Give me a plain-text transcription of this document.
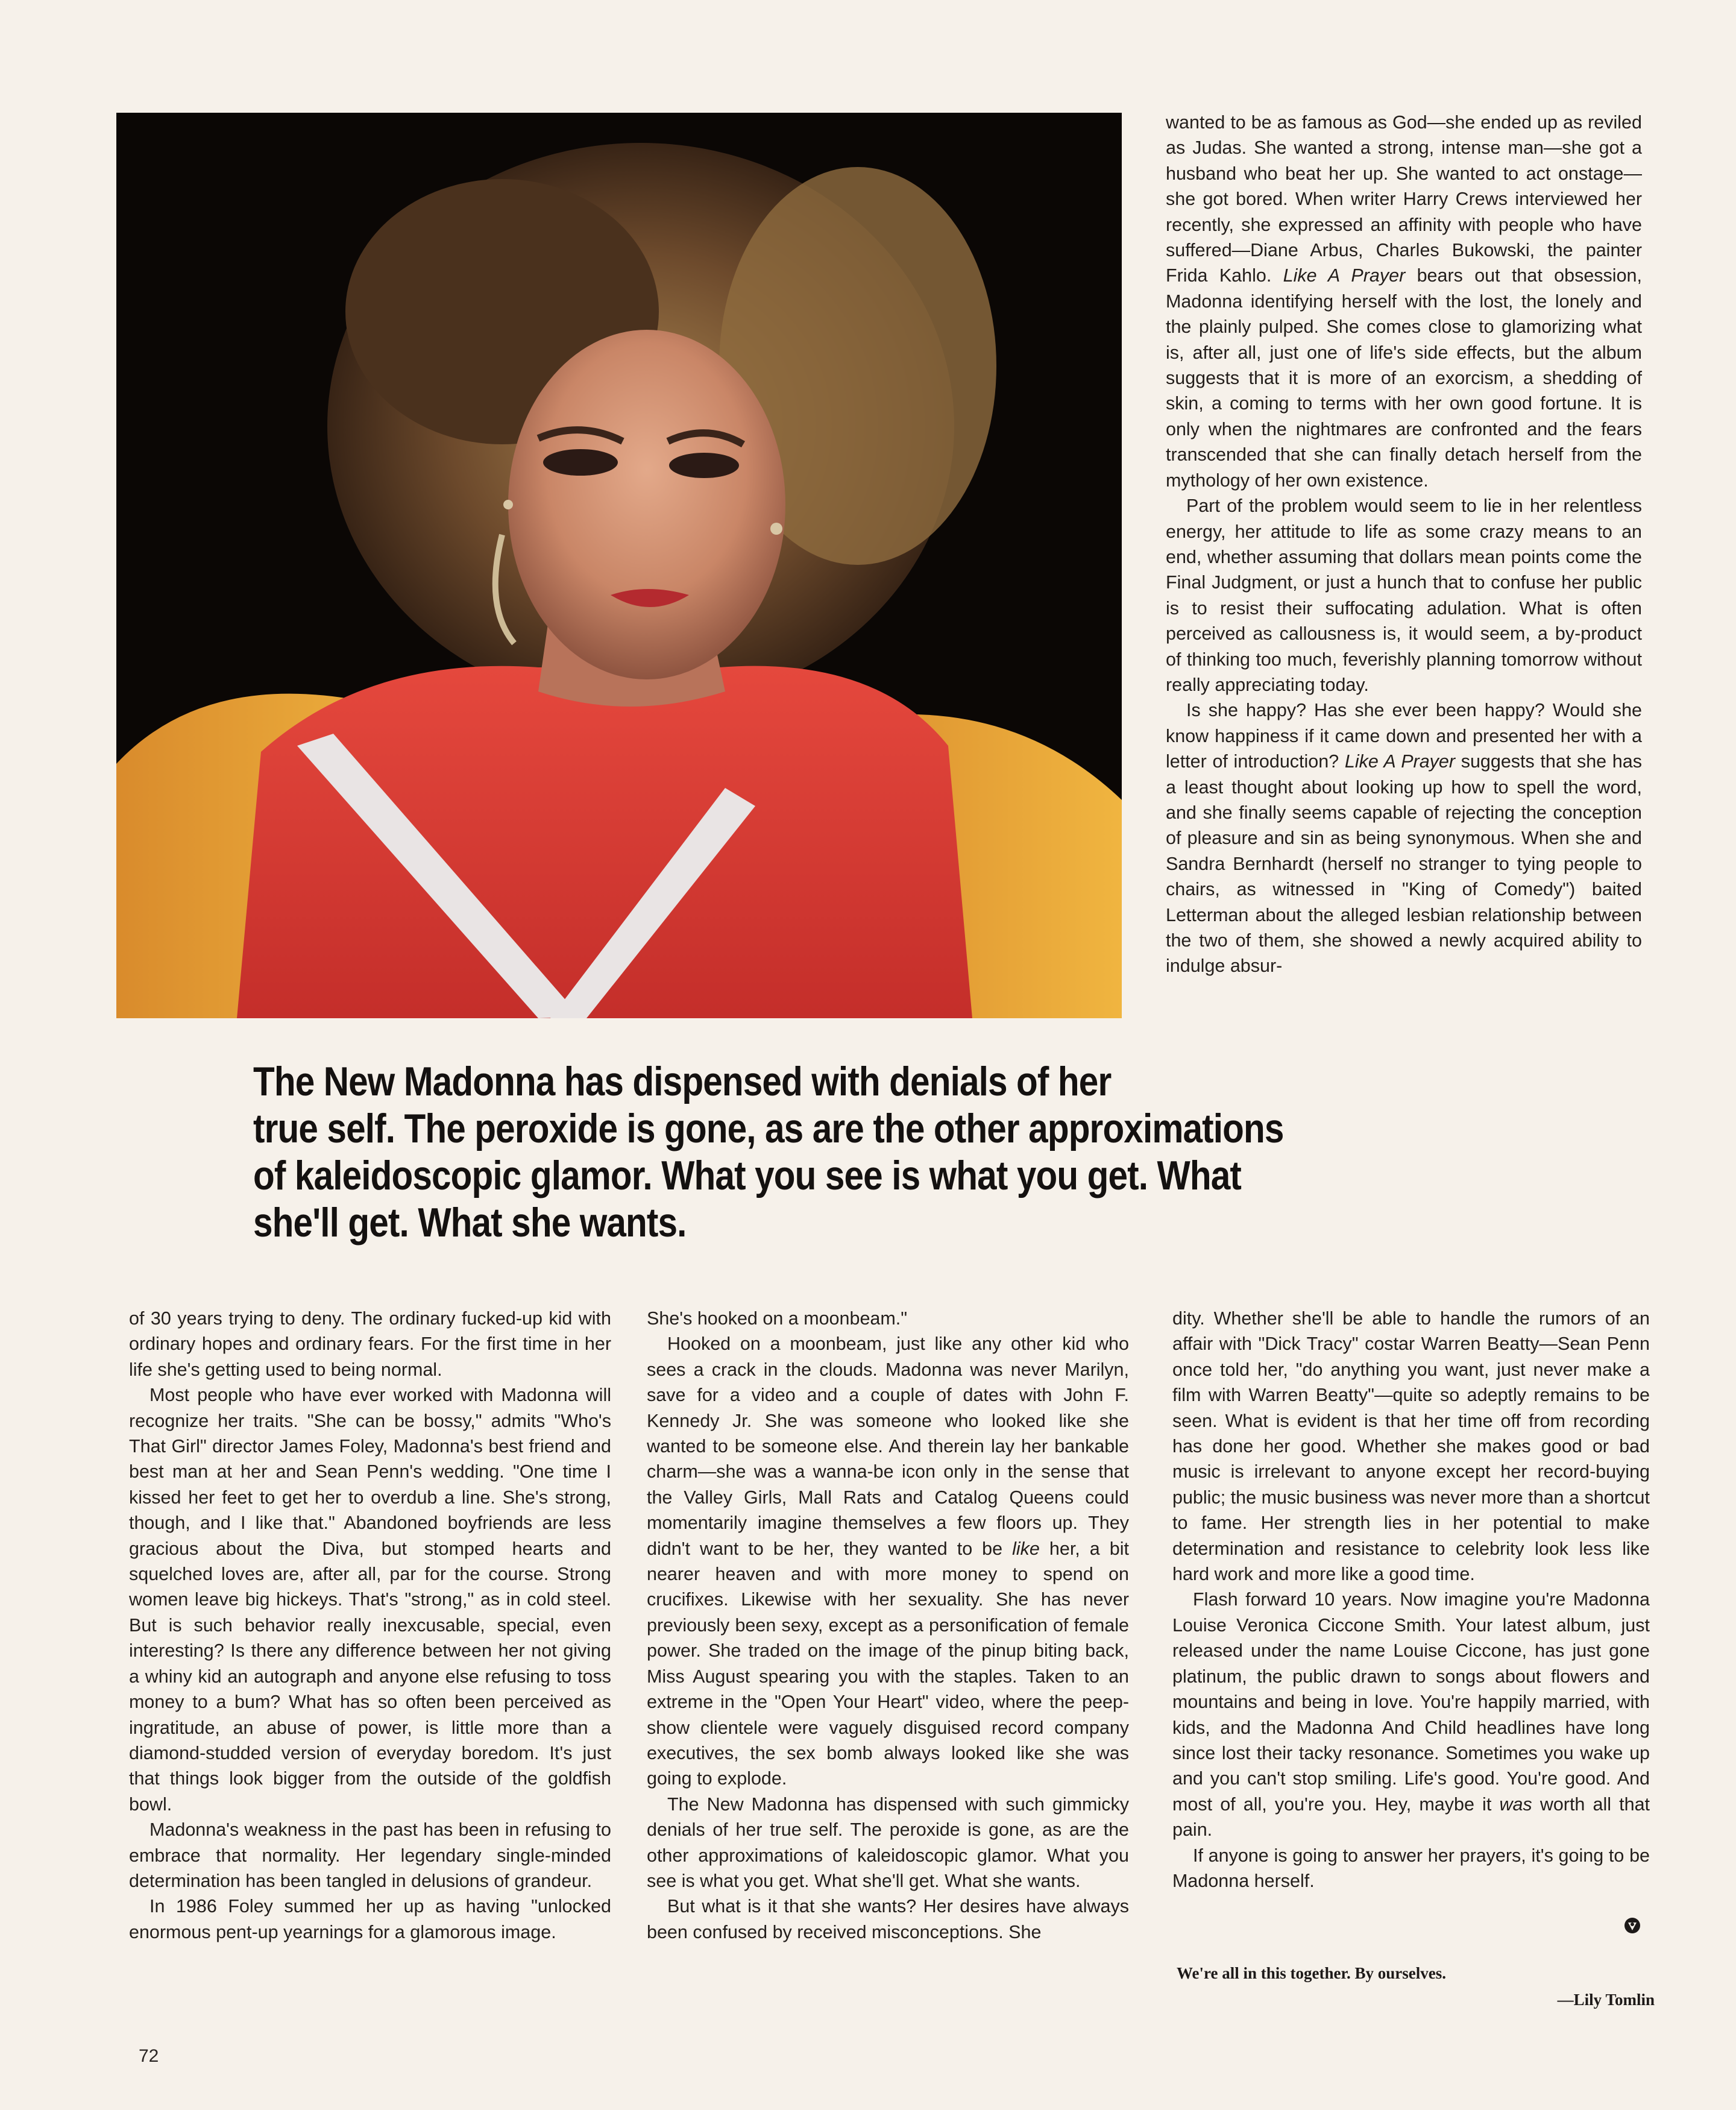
wanted to be as famous as God—she ended up as reviled as Judas. She wanted a strong, intense man—she got a husband who beat her up. She wanted to act onstage—she got bored. When writer Harry Crews interviewed her recently, she expressed an affinity with people who have suffered—Diane Arbus, Charles Bukowski, the painter Frida Kahlo. Like A Prayer bears out that obsession, Madonna identifying herself with the lost, the lonely and the plainly pulped. She comes close to glamorizing what is, after all, just one of life's side effects, but the album suggests that it is more of an exorcism, a shedding of skin, a coming to terms with her own good fortune. It is only when the nightmares are confronted and the fears transcended that she can finally detach herself from the mythology of her own existence.

Part of the problem would seem to lie in her relentless energy, her attitude to life as some crazy means to an end, whether assuming that dollars mean points come the Final Judgment, or just a hunch that to confuse her public is to resist their suffocating adulation. What is often perceived as callousness is, it would seem, a by-product of thinking too much, feverishly planning tomorrow without really appreciating today.

Is she happy? Has she ever been happy? Would she know happiness if it came down and presented her with a letter of introduction? Like A Prayer suggests that she has a least thought about looking up how to spell the word, and she finally seems capable of rejecting the conception of pleasure and sin as being synonymous. When she and Sandra Bernhardt (herself no stranger to tying people to chairs, as witnessed in "King of Comedy") baited Letterman about the alleged lesbian relationship between the two of them, she showed a newly acquired ability to indulge absur-

The New Madonna has dispensed with denials of her
true self. The peroxide is gone, as are the other approximations
of kaleidoscopic glamor. What you see is what you get. What
she'll get. What she wants.

of 30 years trying to deny. The ordinary fucked-up kid with ordinary hopes and ordinary fears. For the first time in her life she's getting used to being normal.

Most people who have ever worked with Madonna will recognize her traits. "She can be bossy," admits "Who's That Girl" director James Foley, Madonna's best friend and best man at her and Sean Penn's wedding. "One time I kissed her feet to get her to overdub a line. She's strong, though, and I like that." Abandoned boyfriends are less gracious about the Diva, but stomped hearts and squelched loves are, after all, par for the course. Strong women leave big hickeys. That's "strong," as in cold steel. But is such behavior really inexcusable, special, even interesting? Is there any difference between her not giving a whiny kid an autograph and anyone else refusing to toss money to a bum? What has so often been perceived as ingratitude, an abuse of power, is little more than a diamond-studded version of everyday boredom. It's just that things look bigger from the outside of the goldfish bowl.

Madonna's weakness in the past has been in refusing to embrace that normality. Her legendary single-minded determination has been tangled in delusions of grandeur.

In 1986 Foley summed her up as having "unlocked enormous pent-up yearnings for a glamorous image.

She's hooked on a moonbeam."

Hooked on a moonbeam, just like any other kid who sees a crack in the clouds. Madonna was never Marilyn, save for a video and a couple of dates with John F. Kennedy Jr. She was someone who looked like she wanted to be someone else. And therein lay her bankable charm—she was a wanna-be icon only in the sense that the Valley Girls, Mall Rats and Catalog Queens could momentarily imagine themselves a few floors up. They didn't want to be her, they wanted to be like her, a bit nearer heaven and with more money to spend on crucifixes. Likewise with her sexuality. She has never previously been sexy, except as a personification of female power. She traded on the image of the pinup biting back, Miss August spearing you with the staples. Taken to an extreme in the "Open Your Heart" video, where the peep-show clientele were vaguely disguised record company executives, the sex bomb always looked like she was going to explode.

The New Madonna has dispensed with such gimmicky denials of her true self. The peroxide is gone, as are the other approximations of kaleidoscopic glamor. What you see is what you get. What she'll get. What she wants.

But what is it that she wants? Her desires have always been confused by received misconceptions. She

dity. Whether she'll be able to handle the rumors of an affair with "Dick Tracy" costar Warren Beatty—Sean Penn once told her, "do anything you want, just never make a film with Warren Beatty"—quite so adeptly remains to be seen. What is evident is that her time off from recording has done her good. Whether she makes good or bad music is irrelevant to anyone except her record-buying public; the music business was never more than a shortcut to fame. Her strength lies in her potential to make determination and resistance to celebrity look less like hard work and more like a good time.

Flash forward 10 years. Now imagine you're Madonna Louise Veronica Ciccone Smith. Your latest album, just released under the name Louise Ciccone, has just gone platinum, the public drawn to songs about flowers and mountains and being in love. You're happily married, with kids, and the Madonna And Child headlines have long since lost their tacky resonance. Sometimes you wake up and you can't stop smiling. Life's good. You're good. And most of all, you're you. Hey, maybe it was worth all that pain.

If anyone is going to answer her prayers, it's going to be Madonna herself.

We're all in this together. By ourselves.
—Lily Tomlin
72
